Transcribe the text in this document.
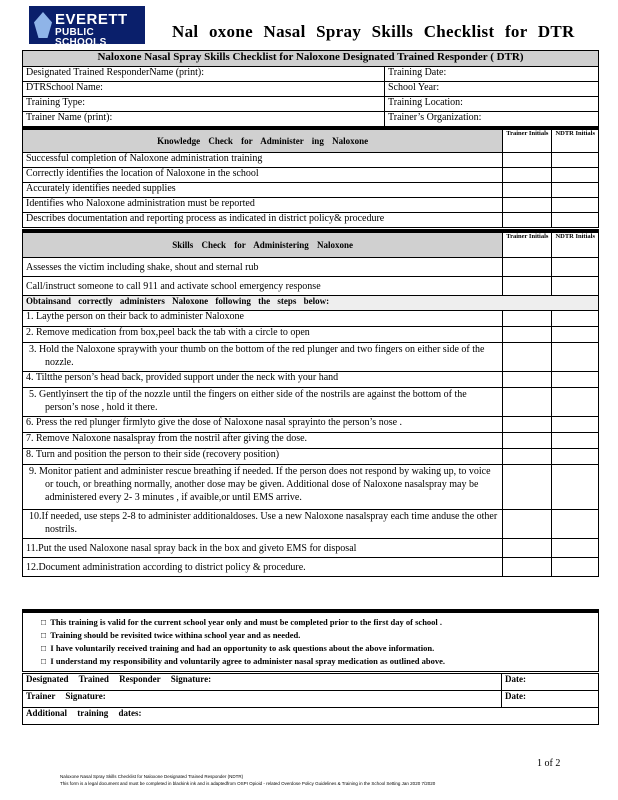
EVERETT
PUBLIC SCHOOLS
Nal oxone Nasal Spray Skills Checklist for DTR
Naloxone Nasal Spray Skills Checklist for Naloxone Designated Trained Responder ( DTR)	
Designated Trained ResponderName (print):	Training Date:
DTRSchool Name:	School Year:
Training Type:	Training Location:
Trainer Name (print):	Trainer’s Organization:
Knowledge Check for Administer ing Naloxone	Trainer Initials	NDTR Initials
Successful completion of Naloxone administration training		
Correctly identifies the location of Naloxone in the school		
Accurately identifies needed supplies		
Identifies who Naloxone administration must be reported		
Describes documentation and reporting process as indicated in district policy& procedure		
Skills Check for Administering Naloxone	Trainer Initials	NDTR Initials
Assesses the victim including shake, shout and sternal rub		
Call/instruct someone to call 911 and activate school emergency response		
Obtainsand correctly administers Naloxone following the steps below:		
1. Laythe person on their back to administer Naloxone		
2. Remove medication from box,peel back the tab with a circle to open		
3. Hold the Naloxone spraywith your thumb on the bottom of the red plunger and two fingers on either side of the nozzle.		
4. Tiltthe person’s head back, provided support under the neck with your hand		
5. Gentlyinsert the tip of the nozzle until the fingers on either side of the nostrils are against the bottom of the person’s nose , hold it there.		
6. Press the red plunger firmlyto give the dose of Naloxone nasal sprayinto the person’s nose .		
7. Remove Naloxone nasalspray from the nostril after giving the dose.		
8. Turn and position the person to their side (recovery position)		
9. Monitor patient and administer rescue breathing if needed. If the person does not respond by waking up, to voice or touch, or breathing normally, another dose may be given. Additional dose of Naloxone nasalspray may be administered every 2- 3 minutes , if avaible,or until EMS arrive.		
10.If needed, use steps 2-8 to administer additionaldoses. Use a new Naloxone nasalspray each time anduse the other nostrils.		
11.Put the used Naloxone nasal spray back in the box and giveto EMS for disposal		
12.Document administration according to district policy & procedure.		
□ This training is valid for the current school year only and must be completed prior to the first day of school .
□ Training should be revisited twice withina school year and as needed.
□ I have voluntarily received training and had an opportunity to ask questions about the above information.
□ I understand my responsibility and voluntarily agree to administer nasal spray medication as outlined above.
Designated Trained Responder Signature:	Date:
Trainer Signature:	Date:
Additional training dates:	
1 of 2
Naloxone Nasal Spray Skills Checklist for Naloxone Designated Trained Responder (NDTR)
This form is a legal document and must be completed in blackink ink and is adaptedfrom OSPI Opioid - related Overdose Policy Guidelines & Training in the School Setting Jan 2020 7/2020
